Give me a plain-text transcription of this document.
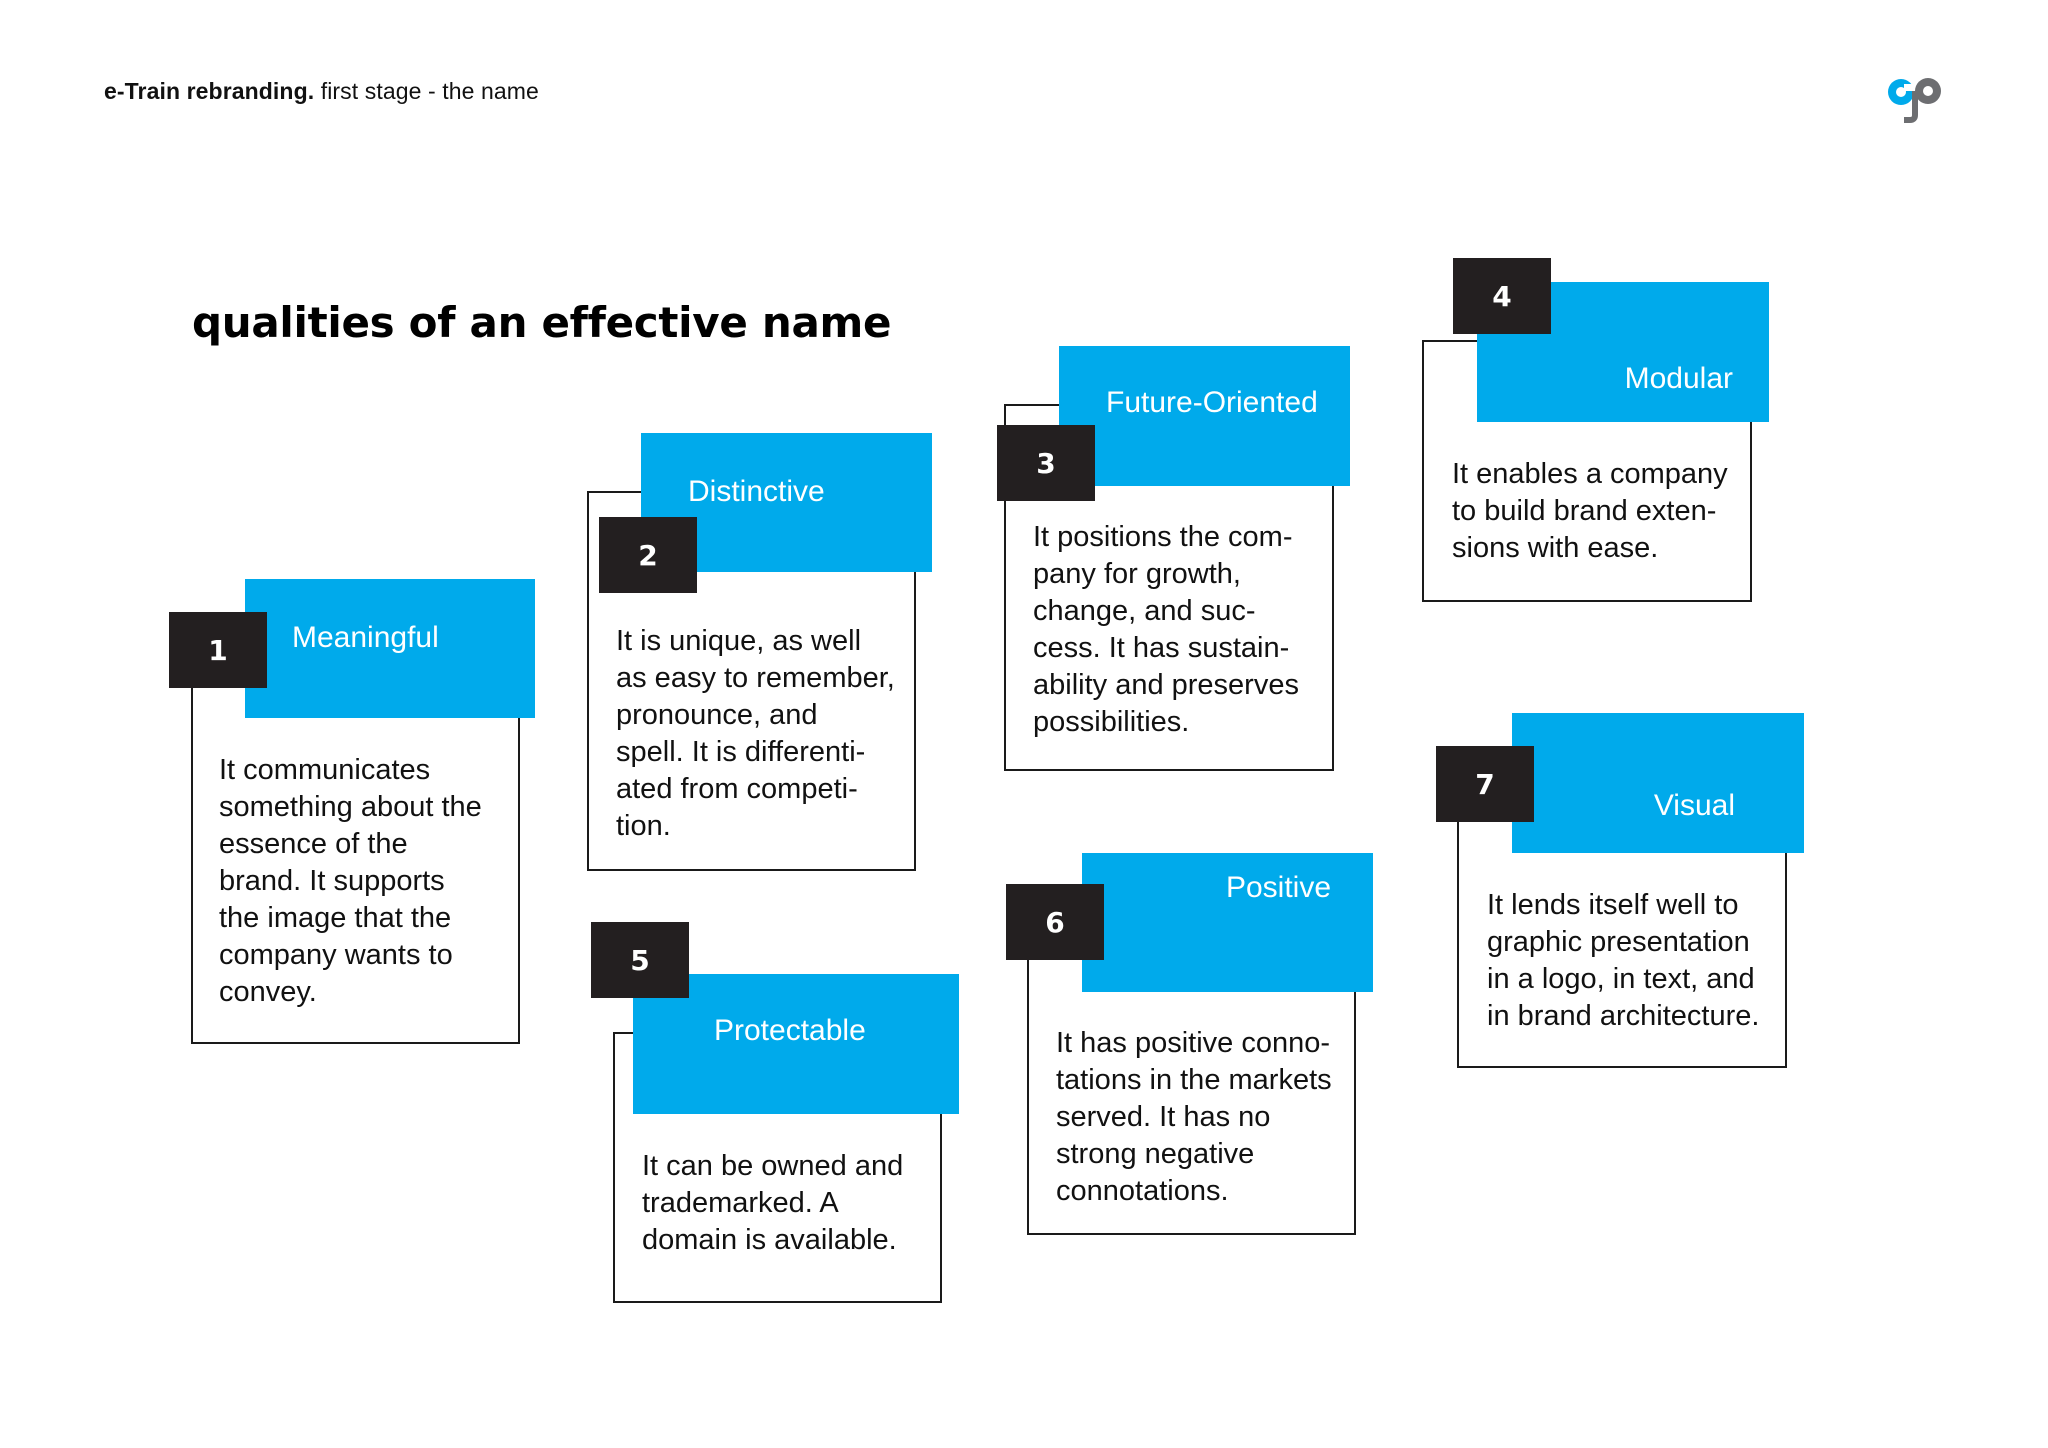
e-Train rebranding. first stage - the name
qualities of an effective name

It communicates
something about the
essence of the
brand. It supports
the image that the
company wants to
convey.

Meaningful
1	It is unique, as well
as easy to remember,
pronounce, and
spell. It is differenti-
ated from competi-
tion.

Distinctive
2

It positions the com-
pany for growth,
change, and suc-
cess. It has sustain-
ability and preserves
possibilities.

Future-Oriented
3	It enables a company
to build brand exten-
sions with ease.

Modular
4

It can be owned and
trademarked. A
domain is available.

Protectable
5

It has positive conno-
tations in the markets
served. It has no
strong negative
connotations.

Positive
6

It lends itself well to
graphic presentation
in a logo, in text, and
in brand architecture.

Visual
7
